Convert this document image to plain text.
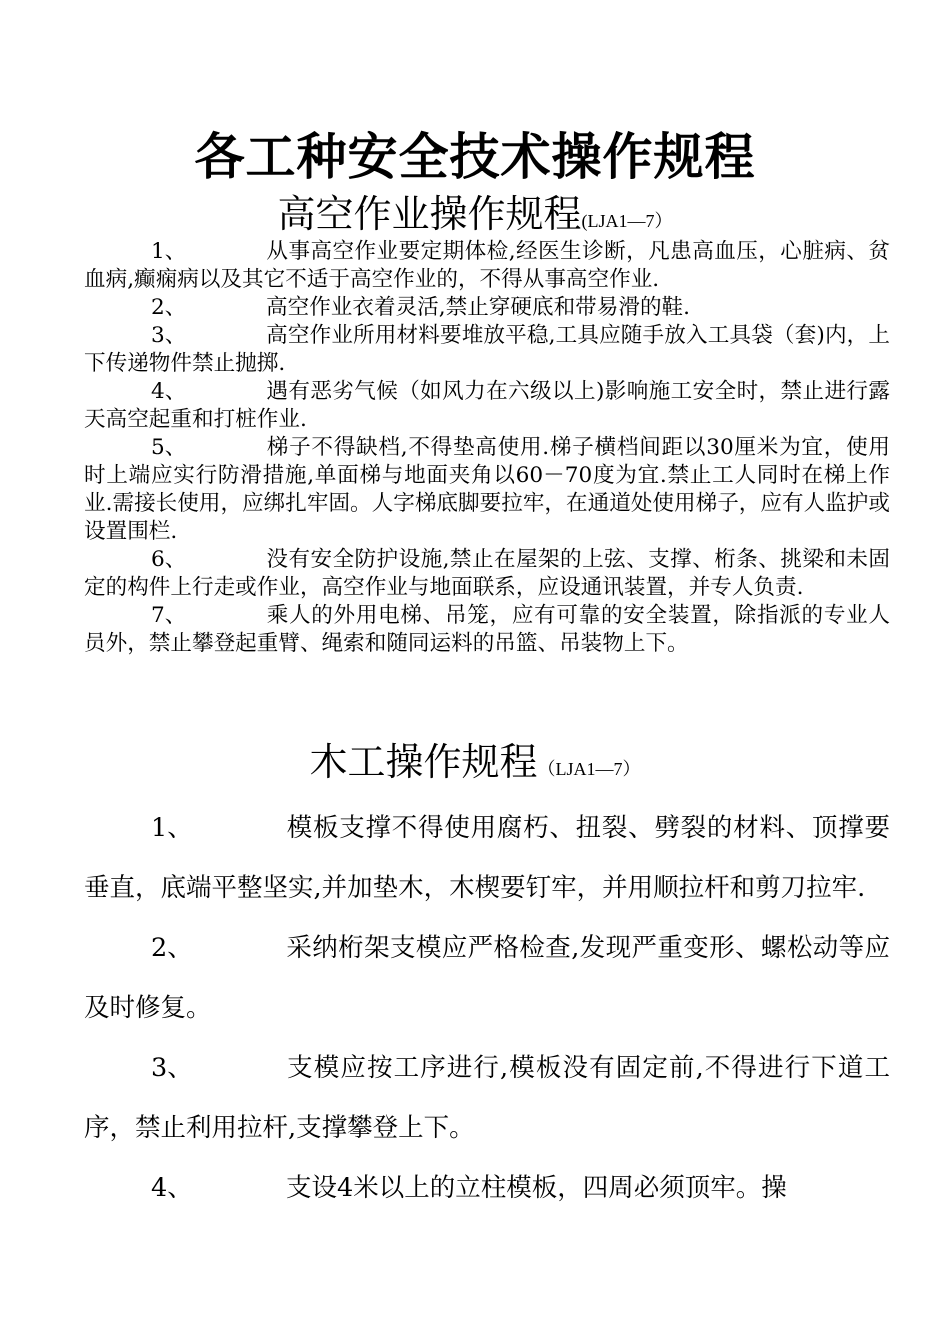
各工种安全技术操作规程
高空作业操作规程(LJA1—7）

1、	从事高空作业要定期体检,经医生诊断，凡患高血压，心脏病、贫血病,癫痫病以及其它不适于高空作业的，不得从事高空作业.

2、	高空作业衣着灵活,禁止穿硬底和带易滑的鞋.

3、	高空作业所用材料要堆放平稳,工具应随手放入工具袋（套)内，上下传递物件禁止抛掷.

4、	遇有恶劣气候（如风力在六级以上)影响施工安全时，禁止进行露天高空起重和打桩作业.

5、	梯子不得缺档,不得垫高使用.梯子横档间距以30厘米为宜，使用时上端应实行防滑措施,单面梯与地面夹角以60－70度为宜.禁止工人同时在梯上作业.需接长使用，应绑扎牢固。人字梯底脚要拉牢，在通道处使用梯子，应有人监护或设置围栏.

6、	没有安全防护设施,禁止在屋架的上弦、支撑、桁条、挑梁和未固定的构件上行走或作业，高空作业与地面联系，应设通讯装置，并专人负责.

7、	乘人的外用电梯、吊笼，应有可靠的安全装置，除指派的专业人员外，禁止攀登起重臂、绳索和随同运料的吊篮、吊装物上下。

木工操作规程（LJA1—7）

1、	模板支撑不得使用腐朽、扭裂、劈裂的材料、顶撑要垂直，底端平整坚实,并加垫木，木楔要钉牢，并用顺拉杆和剪刀拉牢.

2、	采纳桁架支模应严格检查,发现严重变形、螺松动等应及时修复。

3、	支模应按工序进行,模板没有固定前,不得进行下道工序，禁止利用拉杆,支撑攀登上下。

4、	支设4米以上的立柱模板，四周必须顶牢。操
